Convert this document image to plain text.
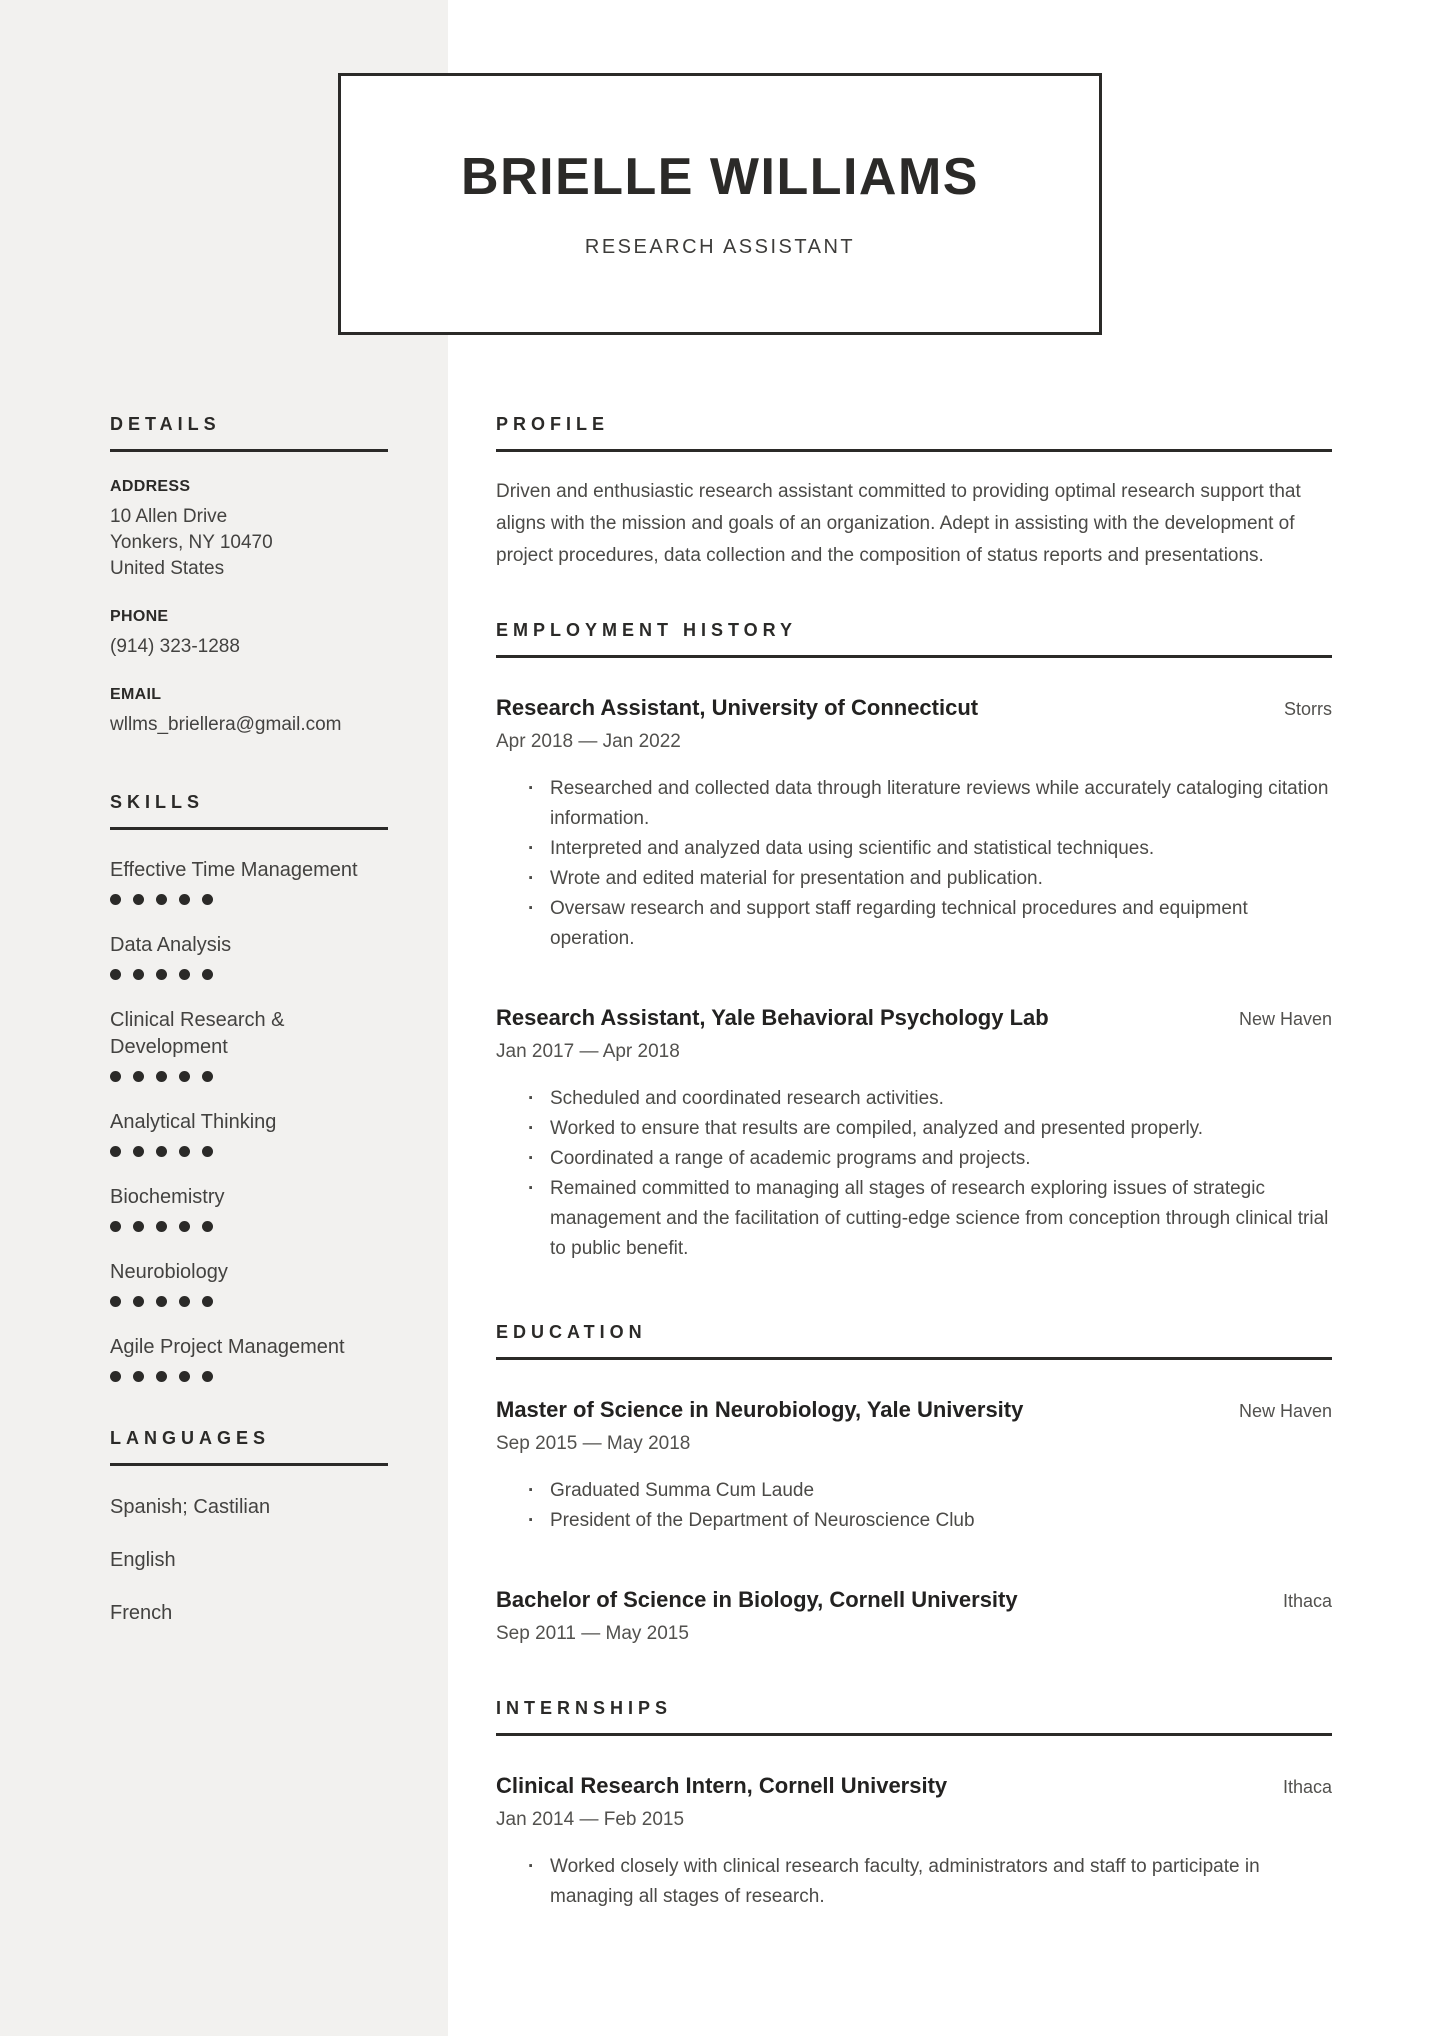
BRIELLE WILLIAMS
RESEARCH ASSISTANT
DETAILS
ADDRESS
10 Allen Drive
Yonkers, NY 10470
United States
PHONE
(914) 323-1288
EMAIL
wllms_briellera@gmail.com
SKILLS
Effective Time Management
Data Analysis
Clinical Research & Development
Analytical Thinking
Biochemistry
Neurobiology
Agile Project Management
LANGUAGES
Spanish; Castilian
English
French
PROFILE
Driven and enthusiastic research assistant committed to providing optimal research support that aligns with the mission and goals of an organization. Adept in assisting with the development of project procedures, data collection and the composition of status reports and presentations.
EMPLOYMENT HISTORY
Research Assistant, University of Connecticut	Storrs
Apr 2018 — Jan 2022
· Researched and collected data through literature reviews while accurately cataloging citation information.
· Interpreted and analyzed data using scientific and statistical techniques.
· Wrote and edited material for presentation and publication.
· Oversaw research and support staff regarding technical procedures and equipment operation.
Research Assistant, Yale Behavioral Psychology Lab	New Haven
Jan 2017 — Apr 2018
· Scheduled and coordinated research activities.
· Worked to ensure that results are compiled, analyzed and presented properly.
· Coordinated a range of academic programs and projects.
· Remained committed to managing all stages of research exploring issues of strategic management and the facilitation of cutting-edge science from conception through clinical trial to public benefit.
EDUCATION
Master of Science in Neurobiology, Yale University	New Haven
Sep 2015 — May 2018
· Graduated Summa Cum Laude
· President of the Department of Neuroscience Club
Bachelor of Science in Biology, Cornell University	Ithaca
Sep 2011 — May 2015
INTERNSHIPS
Clinical Research Intern, Cornell University	Ithaca
Jan 2014 — Feb 2015
· Worked closely with clinical research faculty, administrators and staff to participate in managing all stages of research.
